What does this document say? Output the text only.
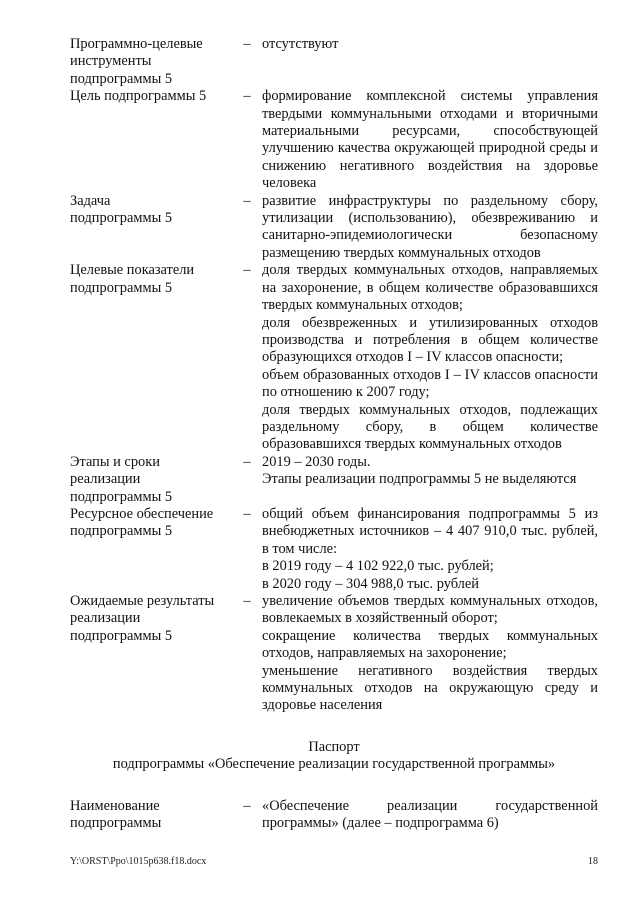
Программно-целевые инструменты подпрограммы 5
– отсутствуют
Цель подпрограммы 5	– формирование комплексной системы управления твердыми коммунальными отходами и вторичными материальными ресурсами, способствующей улучшению качества окружающей природной среды и снижению негативного воздействия на здоровье человека
Задача подпрограммы 5
– развитие инфраструктуры по раздельному сбору, утилизации (использованию), обезвреживанию и санитарно-эпидемиологически безопасному размещению твердых коммунальных отходов
Целевые показатели подпрограммы 5
– доля твердых коммунальных отходов, направляемых на захоронение, в общем количестве образовавшихся твердых коммунальных отходов;
доля обезвреженных и утилизированных отходов производства и потребления в общем количестве образующихся отходов I – IV классов опасности;
объем образованных отходов I – IV классов опасности по отношению к 2007 году;
доля твердых коммунальных отходов, подлежащих раздельному сбору, в общем количестве образовавшихся твердых коммунальных отходов
Этапы и сроки реализации подпрограммы 5
– 2019 – 2030 годы.
Этапы реализации подпрограммы 5 не выделяются
Ресурсное обеспечение подпрограммы 5
– общий объем финансирования подпрограммы 5 из внебюджетных источников – 4 407 910,0 тыс. рублей, в том числе:
в 2019 году – 4 102 922,0 тыс. рублей;
в 2020 году – 304 988,0 тыс. рублей
Ожидаемые результаты реализации подпрограммы 5
– увеличение объемов твердых коммунальных отходов, вовлекаемых в хозяйственный оборот;
сокращение количества твердых коммунальных отходов, направляемых на захоронение;
уменьшение негативного воздействия твердых коммунальных отходов на окружающую среду и здоровье населения
Паспорт
подпрограммы «Обеспечение реализации государственной программы»
Наименование подпрограммы
– «Обеспечение реализации государственной программы» (далее – подпрограмма 6)
Y:\ORST\Ppo\1015p638.f18.docx	18
